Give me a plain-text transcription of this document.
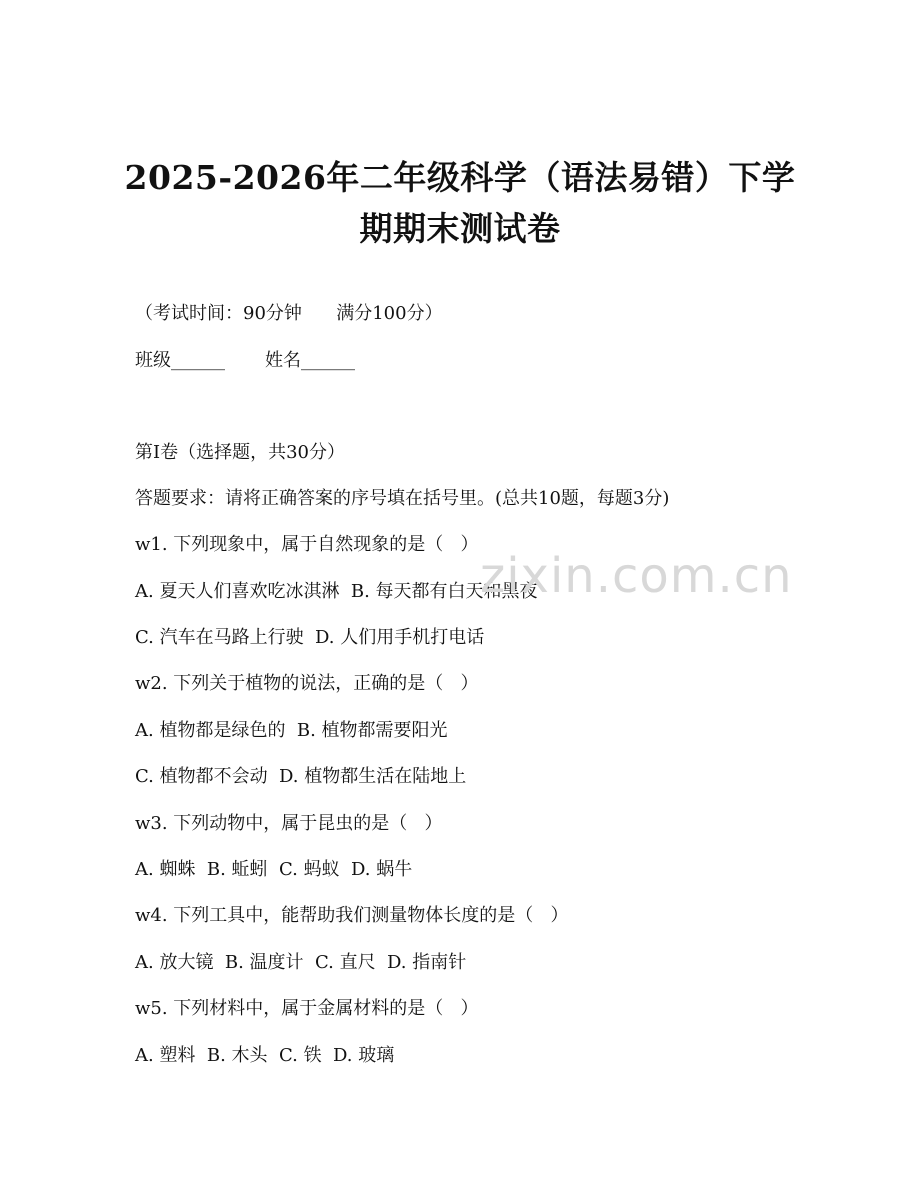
2025-2026年二年级科学（语法易错）下学
期期末测试卷
（考试时间：90分钟      满分100分）
班级______       姓名______
第I卷（选择题，共30分）
答题要求：请将正确答案的序号填在括号里。(总共10题，每题3分)
w1. 下列现象中，属于自然现象的是（   ）
A. 夏天人们喜欢吃冰淇淋  B. 每天都有白天和黑夜
C. 汽车在马路上行驶  D. 人们用手机打电话
w2. 下列关于植物的说法，正确的是（   ）
A. 植物都是绿色的  B. 植物都需要阳光
C. 植物都不会动  D. 植物都生活在陆地上
w3. 下列动物中，属于昆虫的是（   ）
A. 蜘蛛  B. 蚯蚓  C. 蚂蚁  D. 蜗牛
w4. 下列工具中，能帮助我们测量物体长度的是（   ）
A. 放大镜  B. 温度计  C. 直尺  D. 指南针
w5. 下列材料中，属于金属材料的是（   ）
A. 塑料  B. 木头  C. 铁  D. 玻璃
zixin.com.cn
